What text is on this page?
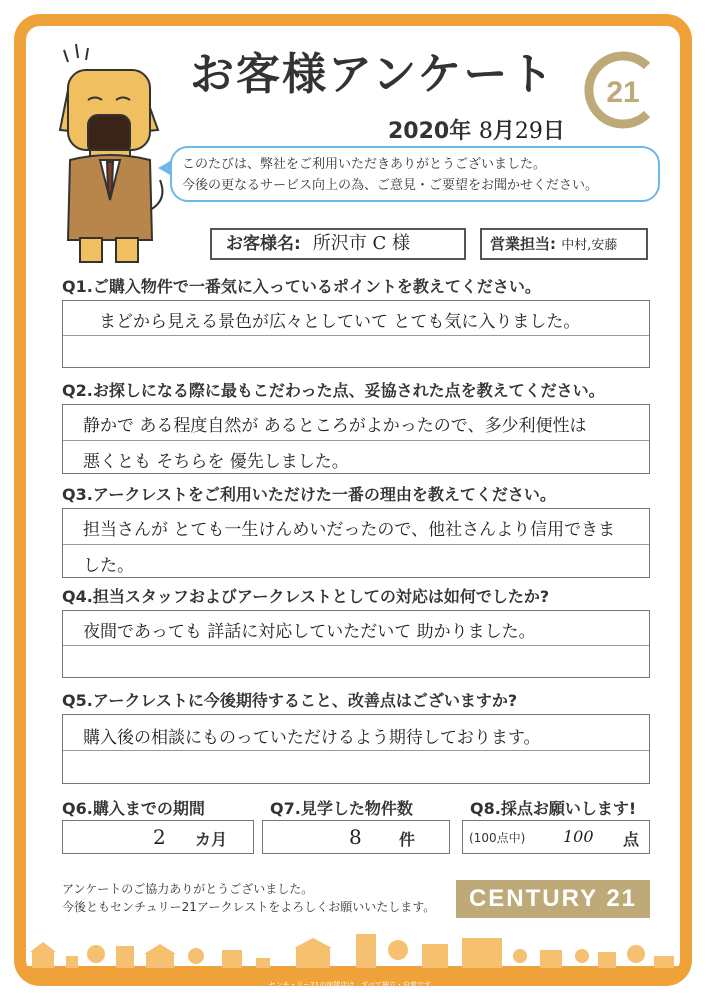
お客様アンケート 21
2020年 8月29日
このたびは、弊社をご利用いただきありがとうございました。
今後の更なるサービス向上の為、ご意見・ご要望をお聞かせください。
お客様名: 所沢市 C 様	営業担当: 中村,安藤
Q1.ご購入物件で一番気に入っているポイントを教えてください。
まどから見える景色が広々としていて とても気に入りました。
Q2.お探しになる際に最もこだわった点、妥協された点を教えてください。
静かで ある程度自然が あるところがよかったので、多少利便性は
悪くとも そちらを 優先しました。
Q3.アークレストをご利用いただけた一番の理由を教えてください。
担当さんが とても一生けんめいだったので、他社さんより信用できま
した。
Q4.担当スタッフおよびアークレストとしての対応は如何でしたか?
夜間であっても 詳話に対応していただいて 助かりました。
Q5.アークレストに今後期待すること、改善点はございますか?
購入後の相談にものっていただけるよう期待しております。
Q6.購入までの期間	Q7.見学した物件数	Q8.採点お願いします!
2 カ月	8 件	(100点中) 100 点
アンケートのご協力ありがとうございました。
今後ともセンチュリー21アークレストをよろしくお願いいたします。	CENTURY 21
センチュリー21の加盟店は、すべて独立・自営です。
